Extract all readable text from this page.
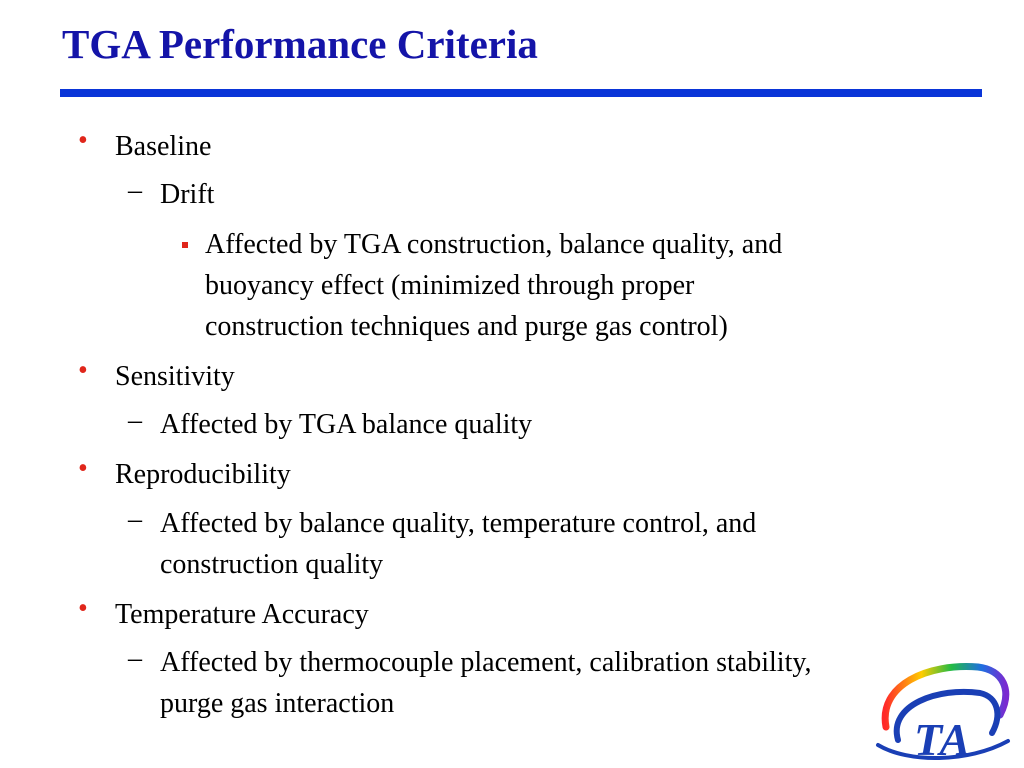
TGA Performance Criteria
• Baseline
– Drift
Affected by TGA construction, balance quality, and
buoyancy effect (minimized through proper
construction techniques and purge gas control)
• Sensitivity
– Affected by TGA balance quality
• Reproducibility
– Affected by balance quality, temperature control, and
construction quality
• Temperature Accuracy
– Affected by thermocouple placement, calibration stability,
purge gas interaction
TA
